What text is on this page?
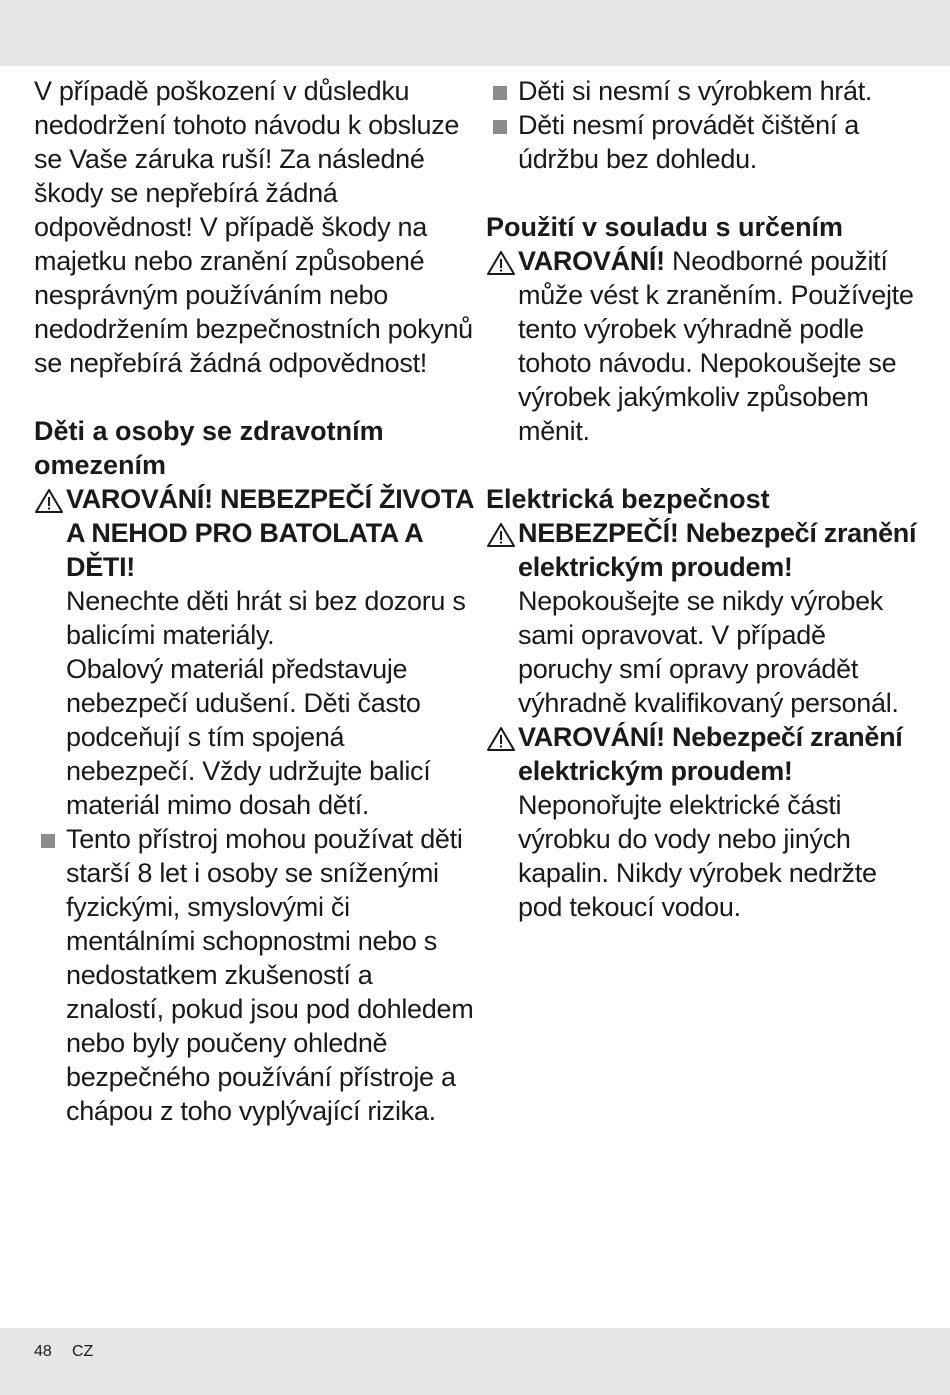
V případě poškození v důsledku nedodržení tohoto návodu k obsluze se Vaše záruka ruší! Za následné škody se nepřebírá žádná odpovědnost! V případě škody na majetku nebo zranění způsobené nesprávným používáním nebo nedodržením bezpečnostních pokynů se nepřebírá žádná odpovědnost!

Děti a osoby se zdravotním
omezením

VAROVÁNÍ! NEBEZPEČÍ ŽIVOTA A NEHOD PRO BATOLATA A DĚTI!

Nenechte děti hrát si bez dozoru s balicími materiály.

Obalový materiál představuje nebezpečí udušení. Děti často podceňují s tím spojená nebezpečí. Vždy udržujte balicí materiál mimo dosah dětí.

Tento přístroj mohou používat děti starší 8 let i osoby se sníženými fyzickými, smyslovými či mentálními schopnostmi nebo s nedostatkem zkušeností a znalostí, pokud jsou pod dohledem nebo byly poučeny ohledně bezpečného používání přístroje a chápou z toho vyplývající rizika.

Děti si nesmí s výrobkem hrát.

Děti nesmí provádět čištění a údržbu bez dohledu.

Použití v souladu s určením

VAROVÁNÍ! Neodborné použití může vést k zraněním. Používejte tento výrobek výhradně podle tohoto návodu. Nepokoušejte se výrobek jakýmkoliv způsobem měnit.

Elektrická bezpečnost

NEBEZPEČÍ! Nebezpečí zranění elektrickým proudem! Nepokoušejte se nikdy výrobek sami opravovat. V případě poruchy smí opravy provádět výhradně kvalifikovaný personál.

VAROVÁNÍ! Nebezpečí zranění elektrickým proudem! Neponořujte elektrické části výrobku do vody nebo jiných kapalin. Nikdy výrobek nedržte pod tekoucí vodou.

48 CZ
